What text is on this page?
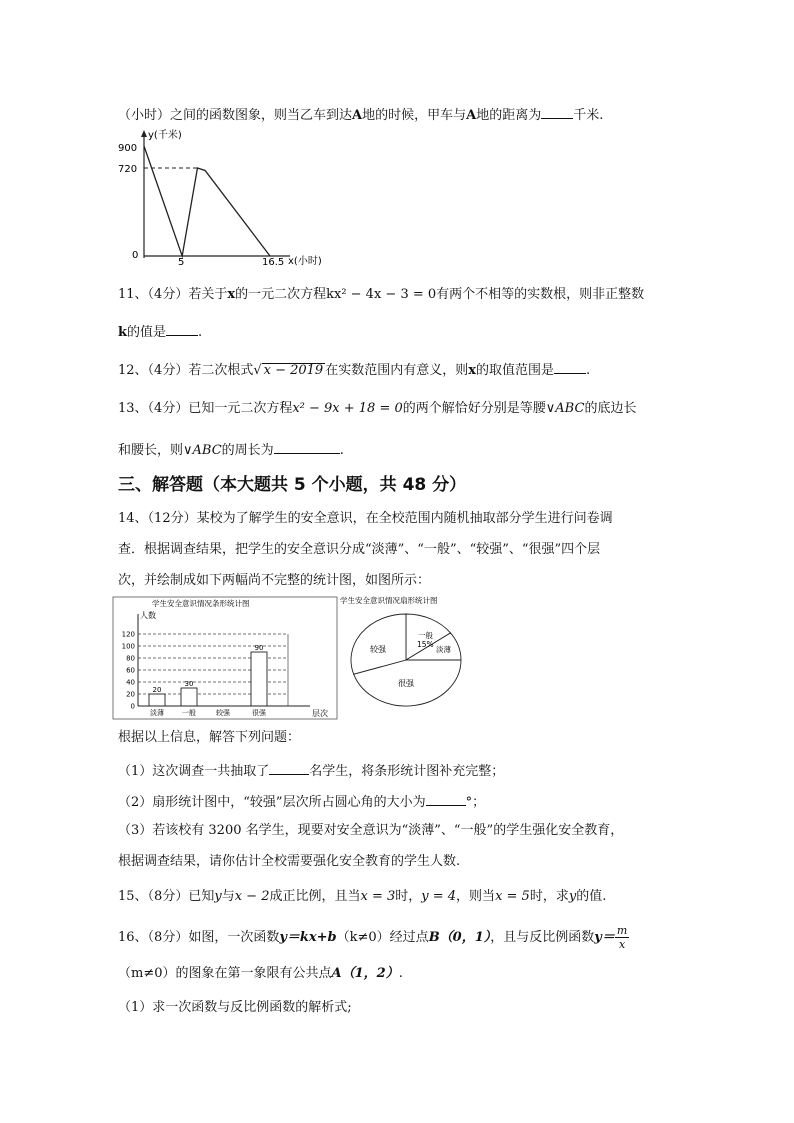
（小时）之间的函数图象，则当乙车到达A地的时候，甲车与A地的距离为 千米.
y(千米)
x(小时)
900
720
0
5	16.5
11、（4分）若关于x的一元二次方程kx² − 4x − 3 = 0有两个不相等的实数根，则非正整数
k的值是 .
12、（4分）若二次根式√ x − 2019 在实数范围内有意义，则x的取值范围是 .
13、（4分）已知一元二次方程x² − 9x + 18 = 0的两个解恰好分别是等腰∨ABC的底边长
和腰长，则∨ABC的周长为	.
三、解答题（本大题共 5 个小题，共 48 分）
14、（12分）某校为了解学生的安全意识，在全校范围内随机抽取部分学生进行问卷调
查．根据调查结果，把学生的安全意识分成“淡薄”、“一般”、“较强”、“很强”四个层
次，并绘制成如下两幅尚不完整的统计图，如图所示：
学生安全意识情况条形统计图
人数
层次
0
20
40
60
80
100
120
淡薄	一般	较强	很强
20
30
90
学生安全意识情况扇形统计图
一般
15%
淡薄
很强
较强
根据以上信息，解答下列问题：
（1）这次调查一共抽取了	名学生，将条形统计图补充完整；
（2）扇形统计图中，“较强”层次所占圆心角的大小为	°；
（3）若该校有 3200 名学生，现要对安全意识为“淡薄”、“一般”的学生强化安全教育，
根据调查结果，请你估计全校需要强化安全教育的学生人数.
15、（8分）已知y与x − 2成正比例，且当x = 3时，y = 4，则当x = 5时，求y的值.
16、（8分）如图，一次函数y＝kx+b（k≠0）经过点B（0，1），且与反比例函数$y= \frac{m}{x}$
（m≠0）的图象在第一象限有公共点A（1，2）.
（1）求一次函数与反比例函数的解析式;
